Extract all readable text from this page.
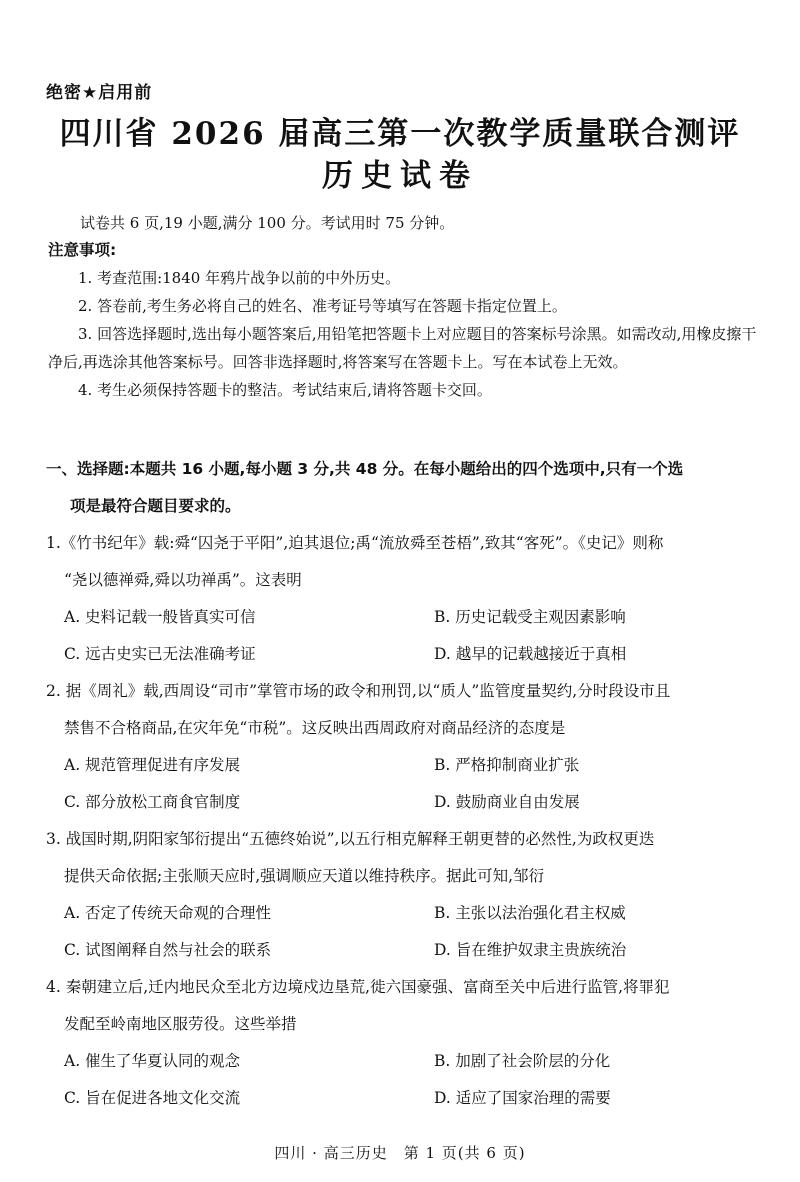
绝密★启用前
四川省 2026 届高三第一次教学质量联合测评
历史试卷
试卷共 6 页,19 小题,满分 100 分。考试用时 75 分钟。
注意事项:

1. 考查范围:1840 年鸦片战争以前的中外历史。

2. 答卷前,考生务必将自己的姓名、准考证号等填写在答题卡指定位置上。

3. 回答选择题时,选出每小题答案后,用铅笔把答题卡上对应题目的答案标号涂黑。如需改动,用橡皮擦干净后,再选涂其他答案标号。回答非选择题时,将答案写在答题卡上。写在本试卷上无效。

4. 考生必须保持答题卡的整洁。考试结束后,请将答题卡交回。

一、选择题:本题共 16 小题,每小题 3 分,共 48 分。在每小题给出的四个选项中,只有一个选
项是最符合题目要求的。
1.《竹书纪年》载:舜“囚尧于平阳”,迫其退位;禹“流放舜至苍梧”,致其“客死”。《史记》则称
“尧以德禅舜,舜以功禅禹”。这表明
A. 史料记载一般皆真实可信	B. 历史记载受主观因素影响
C. 远古史实已无法准确考证	D. 越早的记载越接近于真相
2. 据《周礼》载,西周设“司市”掌管市场的政令和刑罚,以“质人”监管度量契约,分时段设市且
禁售不合格商品,在灾年免“市税”。这反映出西周政府对商品经济的态度是
A. 规范管理促进有序发展	B. 严格抑制商业扩张
C. 部分放松工商食官制度	D. 鼓励商业自由发展
3. 战国时期,阴阳家邹衍提出“五德终始说”,以五行相克解释王朝更替的必然性,为政权更迭
提供天命依据;主张顺天应时,强调顺应天道以维持秩序。据此可知,邹衍
A. 否定了传统天命观的合理性	B. 主张以法治强化君主权威
C. 试图阐释自然与社会的联系	D. 旨在维护奴隶主贵族统治
4. 秦朝建立后,迁内地民众至北方边境戍边垦荒,徙六国豪强、富商至关中后进行监管,将罪犯
发配至岭南地区服劳役。这些举措
A. 催生了华夏认同的观念	B. 加剧了社会阶层的分化
C. 旨在促进各地文化交流	D. 适应了国家治理的需要
四川 · 高三历史　第 1 页(共 6 页)
